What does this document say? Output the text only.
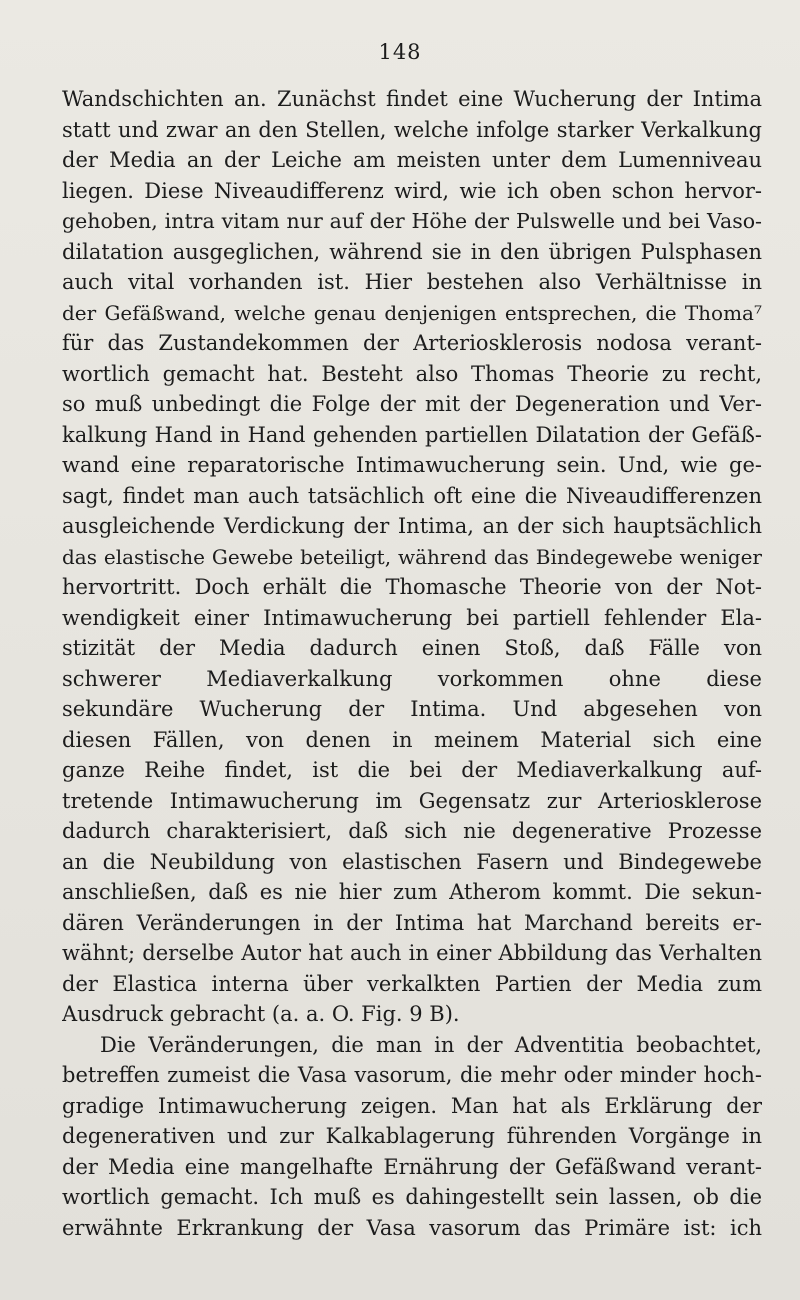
148
Wandschichten an. Zunächst findet eine Wucherung der Intima
statt und zwar an den Stellen, welche infolge starker Verkalkung
der Media an der Leiche am meisten unter dem Lumenniveau
liegen. Diese Niveaudifferenz wird, wie ich oben schon hervor-
gehoben, intra vitam nur auf der Höhe der Pulswelle und bei Vaso-
dilatation ausgeglichen, während sie in den übrigen Pulsphasen
auch vital vorhanden ist. Hier bestehen also Verhältnisse in
der Gefäßwand, welche genau denjenigen entsprechen, die Thoma⁷
für das Zustandekommen der Arteriosklerosis nodosa verant-
wortlich gemacht hat. Besteht also Thomas Theorie zu recht,
so muß unbedingt die Folge der mit der Degeneration und Ver-
kalkung Hand in Hand gehenden partiellen Dilatation der Gefäß-
wand eine reparatorische Intimawucherung sein. Und, wie ge-
sagt, findet man auch tatsächlich oft eine die Niveaudifferenzen
ausgleichende Verdickung der Intima, an der sich hauptsächlich
das elastische Gewebe beteiligt, während das Bindegewebe weniger
hervortritt. Doch erhält die Thomasche Theorie von der Not-
wendigkeit einer Intimawucherung bei partiell fehlender Ela-
stizität der Media dadurch einen Stoß, daß Fälle von
schwerer Mediaverkalkung vorkommen ohne diese
sekundäre Wucherung der Intima. Und abgesehen von
diesen Fällen, von denen in meinem Material sich eine
ganze Reihe findet, ist die bei der Mediaverkalkung auf-
tretende Intimawucherung im Gegensatz zur Arteriosklerose
dadurch charakterisiert, daß sich nie degenerative Prozesse
an die Neubildung von elastischen Fasern und Bindegewebe
anschließen, daß es nie hier zum Atherom kommt. Die sekun-
dären Veränderungen in der Intima hat Marchand bereits er-
wähnt; derselbe Autor hat auch in einer Abbildung das Verhalten
der Elastica interna über verkalkten Partien der Media zum
Ausdruck gebracht (a. a. O. Fig. 9 B).
Die Veränderungen, die man in der Adventitia beobachtet,
betreffen zumeist die Vasa vasorum, die mehr oder minder hoch-
gradige Intimawucherung zeigen. Man hat als Erklärung der
degenerativen und zur Kalkablagerung führenden Vorgänge in
der Media eine mangelhafte Ernährung der Gefäßwand verant-
wortlich gemacht. Ich muß es dahingestellt sein lassen, ob die
erwähnte Erkrankung der Vasa vasorum das Primäre ist: ich
